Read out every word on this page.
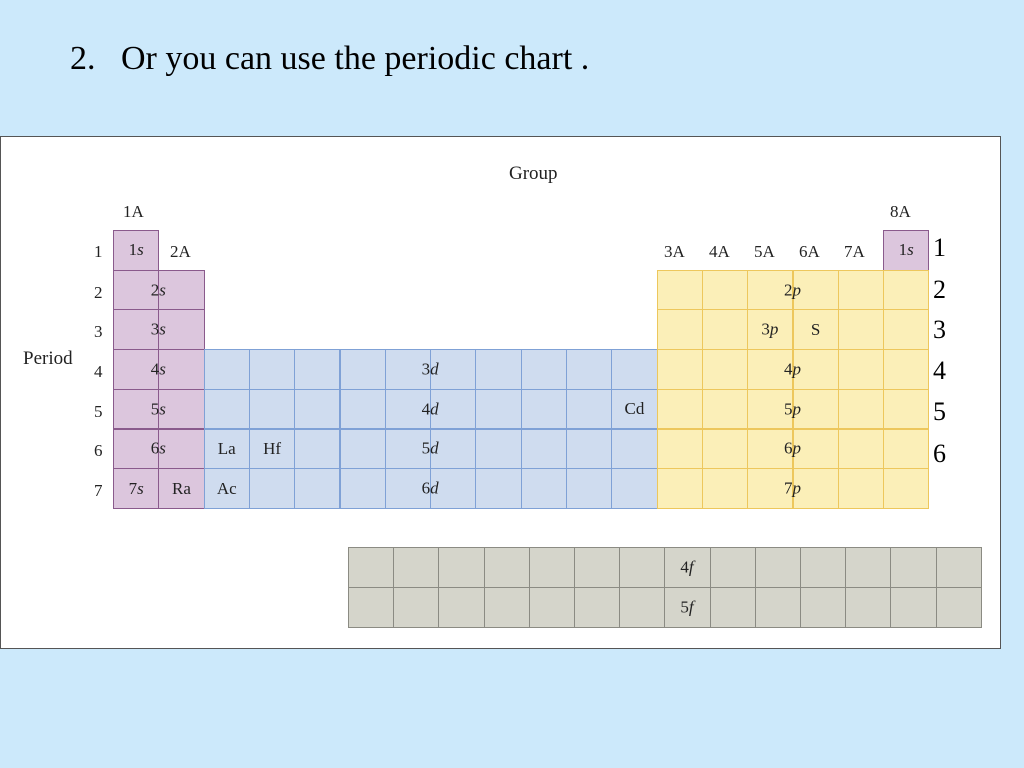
2.   Or you can use the periodic chart .
Group
Period
1A
2A	3A 4A 5A 6A 7A
8A
1
2
3
4
5
6
7
1s
7s Ra
1s
Cd
La Hf
Ac
S
2s
3s
4s
5s
6s
3d
4d
5d
6d
2p
3p
4p
5p
6p
7p
4f
5f
1
2
3
4
5
6
